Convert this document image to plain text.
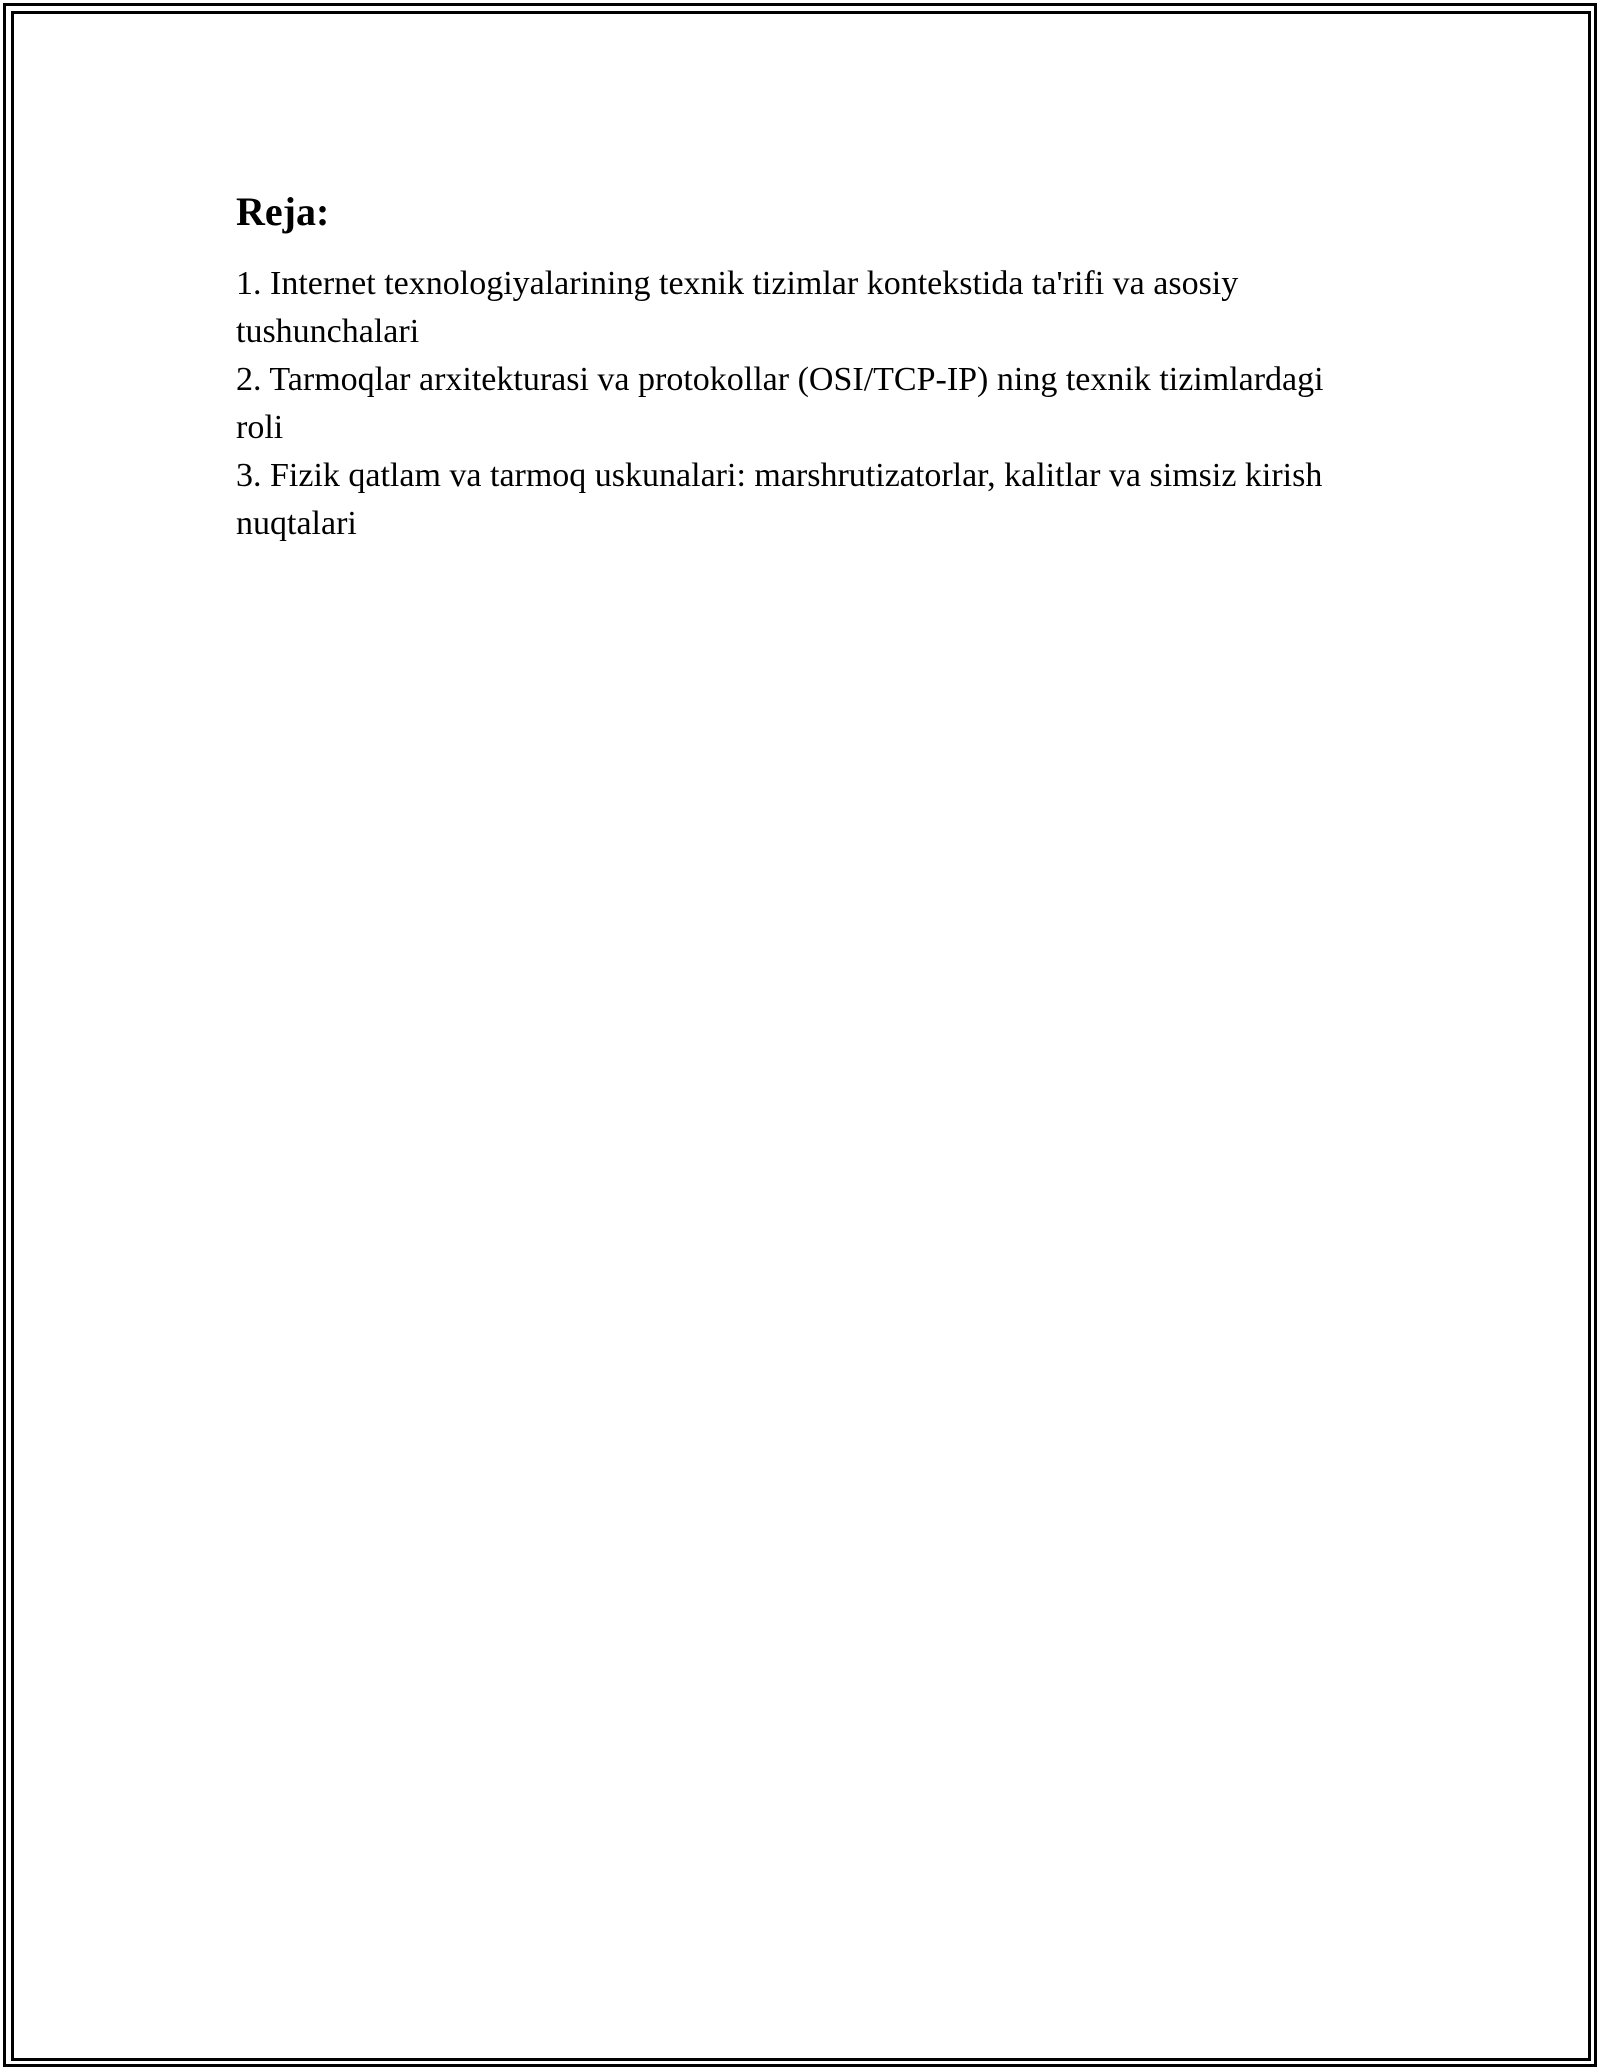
Reja:
1. Internet texnologiyalarining texnik tizimlar kontekstida ta'rifi va asosiy tushunchalari
2. Tarmoqlar arxitekturasi va protokollar (OSI/TCP-IP) ning texnik tizimlardagi roli
3. Fizik qatlam va tarmoq uskunalari: marshrutizatorlar, kalitlar va simsiz kirish nuqtalari
